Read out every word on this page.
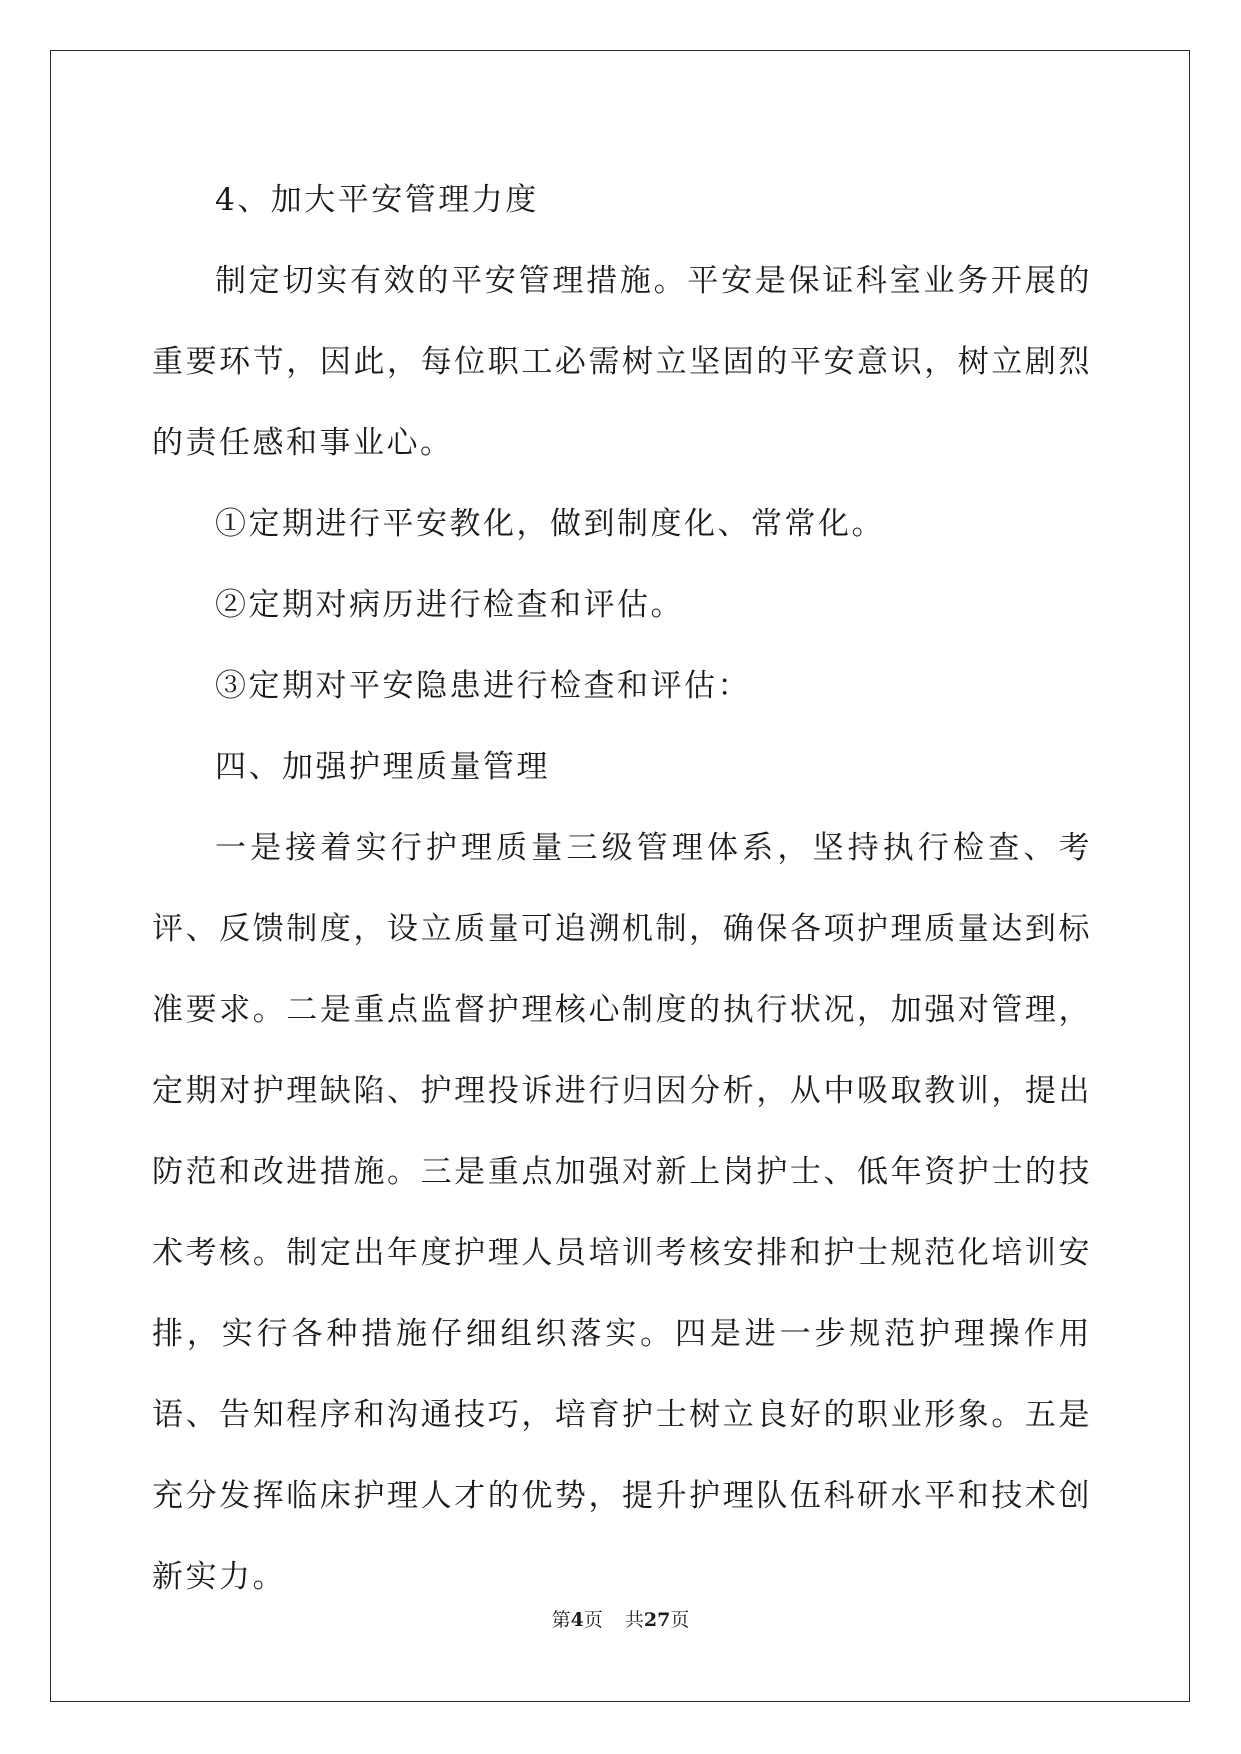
4、加大平安管理力度

制定切实有效的平安管理措施。平安是保证科室业务开展的重要环节，因此，每位职工必需树立坚固的平安意识，树立剧烈的责任感和事业心。

①定期进行平安教化，做到制度化、常常化。

②定期对病历进行检查和评估。

③定期对平安隐患进行检查和评估：

四、加强护理质量管理

一是接着实行护理质量三级管理体系，坚持执行检查、考评、反馈制度，设立质量可追溯机制，确保各项护理质量达到标准要求。二是重点监督护理核心制度的执行状况，加强对管理，定期对护理缺陷、护理投诉进行归因分析，从中吸取教训，提出防范和改进措施。三是重点加强对新上岗护士、低年资护士的技术考核。制定出年度护理人员培训考核安排和护士规范化培训安排，实行各种措施仔细组织落实。四是进一步规范护理操作用语、告知程序和沟通技巧，培育护士树立良好的职业形象。五是充分发挥临床护理人才的优势，提升护理队伍科研水平和技术创新实力。

第4页 共27页
